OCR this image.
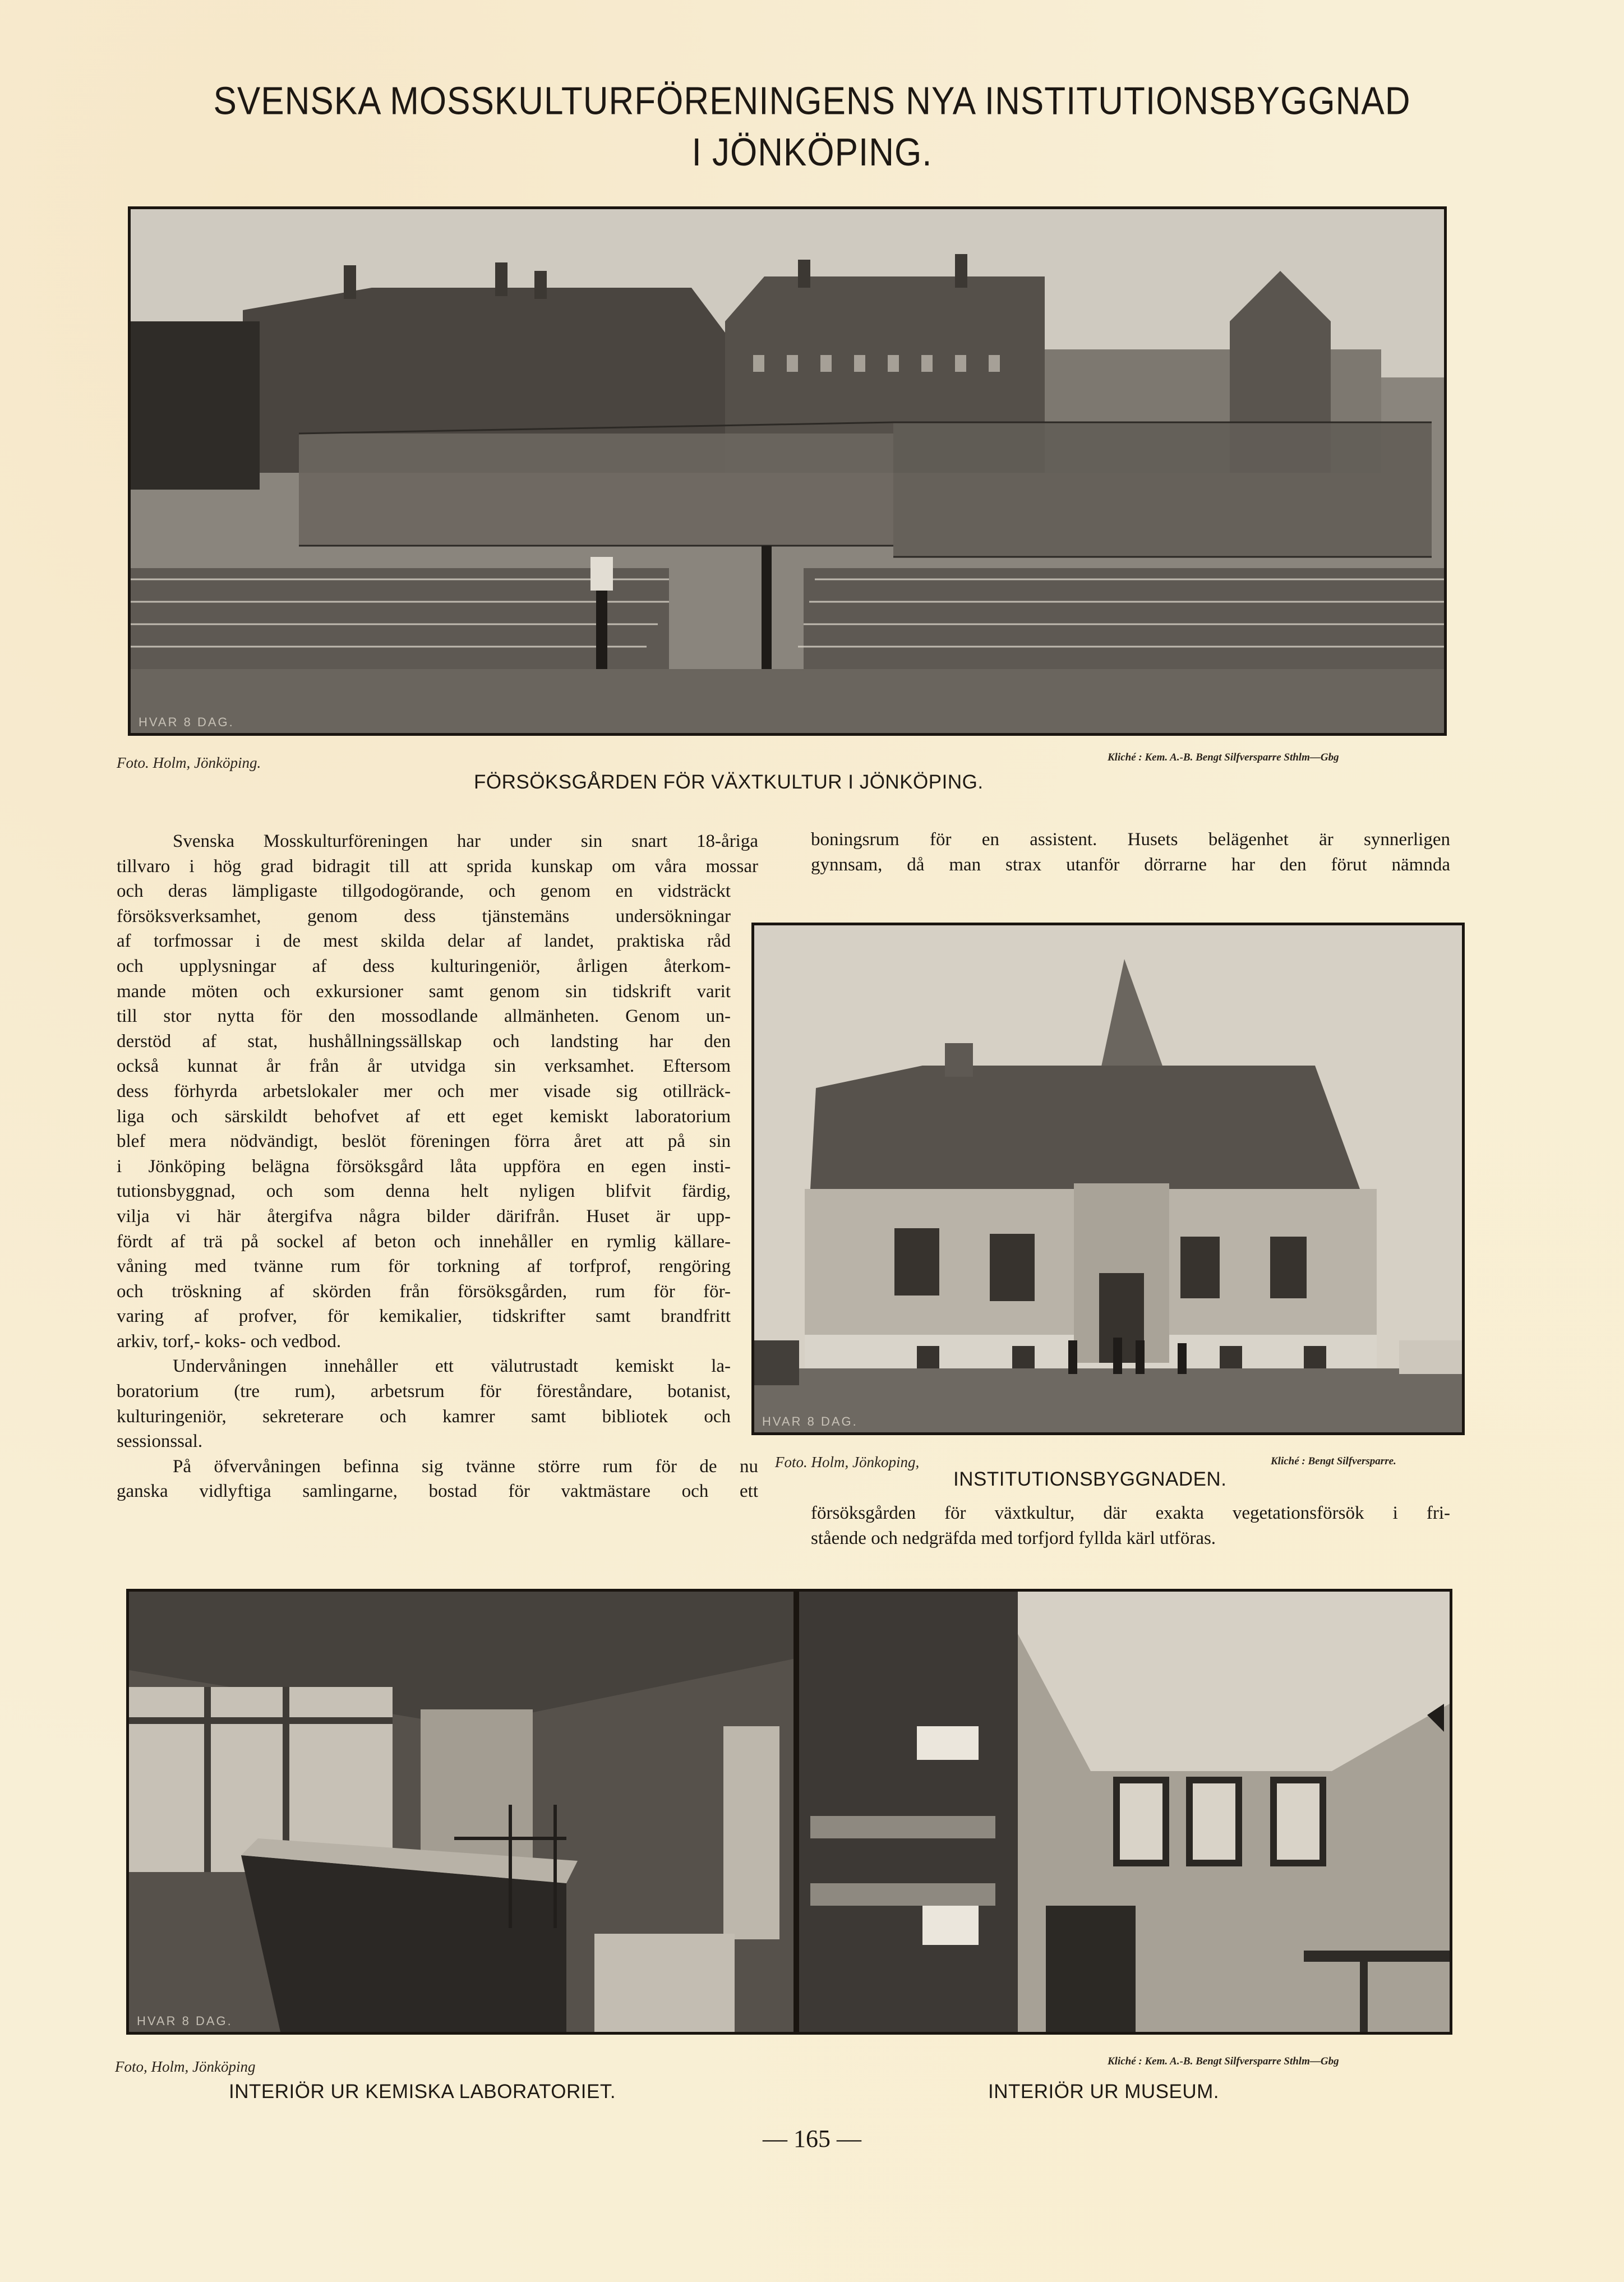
SVENSKA MOSSKULTURFÖRENINGENS NYA INSTITUTIONSBYGGNAD
I JÖNKÖPING.
HVAR 8 DAG.
Foto. Holm, Jönköping.	Kliché : Kem. A.-B. Bengt Silfversparre Sthlm—Gbg
FÖRSÖKSGÅRDEN FÖR VÄXTKULTUR I JÖNKÖPING.
Svenska Mosskulturföreningen har under sin snart 18-åriga
tillvaro i hög grad bidragit till att sprida kunskap om våra mossar
och deras lämpligaste tillgodogörande, och genom en vidsträckt
försöksverksamhet, genom dess tjänstemäns undersökningar
af torfmossar i de mest skilda delar af landet, praktiska råd
och upplysningar af dess kulturingeniör, årligen återkom-
mande möten och exkursioner samt genom sin tidskrift varit
till stor nytta för den mossodlande allmänheten. Genom un-
derstöd af stat, hushållningssällskap och landsting har den
också kunnat år från år utvidga sin verksamhet. Eftersom
dess förhyrda arbetslokaler mer och mer visade sig otillräck-
liga och särskildt behofvet af ett eget kemiskt laboratorium
blef mera nödvändigt, beslöt föreningen förra året att på sin
i Jönköping belägna försöksgård låta uppföra en egen insti-
tutionsbyggnad, och som denna helt nyligen blifvit färdig,
vilja vi här återgifva några bilder därifrån. Huset är upp-
fördt af trä på sockel af beton och innehåller en rymlig källare-
våning med tvänne rum för torkning af torfprof, rengöring
och tröskning af skörden från försöksgården, rum för för-
varing af profver, för kemikalier, tidskrifter samt brandfritt
arkiv, torf,- koks- och vedbod.
Undervåningen innehåller ett välutrustadt kemiskt la-
boratorium (tre rum), arbetsrum för föreståndare, botanist,
kulturingeniör, sekreterare och kamrer samt bibliotek och
sessionssal.
På öfvervåningen befinna sig tvänne större rum för de nu
ganska vidlyftiga samlingarne, bostad för vaktmästare och ett
boningsrum för en assistent. Husets belägenhet är synnerligen
gynnsam, då man strax utanför dörrarne har den förut nämnda
HVAR 8 DAG.
Foto. Holm, Jönkoping,	Kliché : Bengt Silfversparre.
INSTITUTIONSBYGGNADEN.
försöksgården för växtkultur, där exakta vegetationsförsök i fri-
stående och nedgräfda med torfjord fyllda kärl utföras.
HVAR 8 DAG.
Foto, Holm, Jönköping
INTERIÖR UR KEMISKA LABORATORIET.
Kliché : Kem. A.-B. Bengt Silfversparre Sthlm—Gbg
INTERIÖR UR MUSEUM.
— 165 —
